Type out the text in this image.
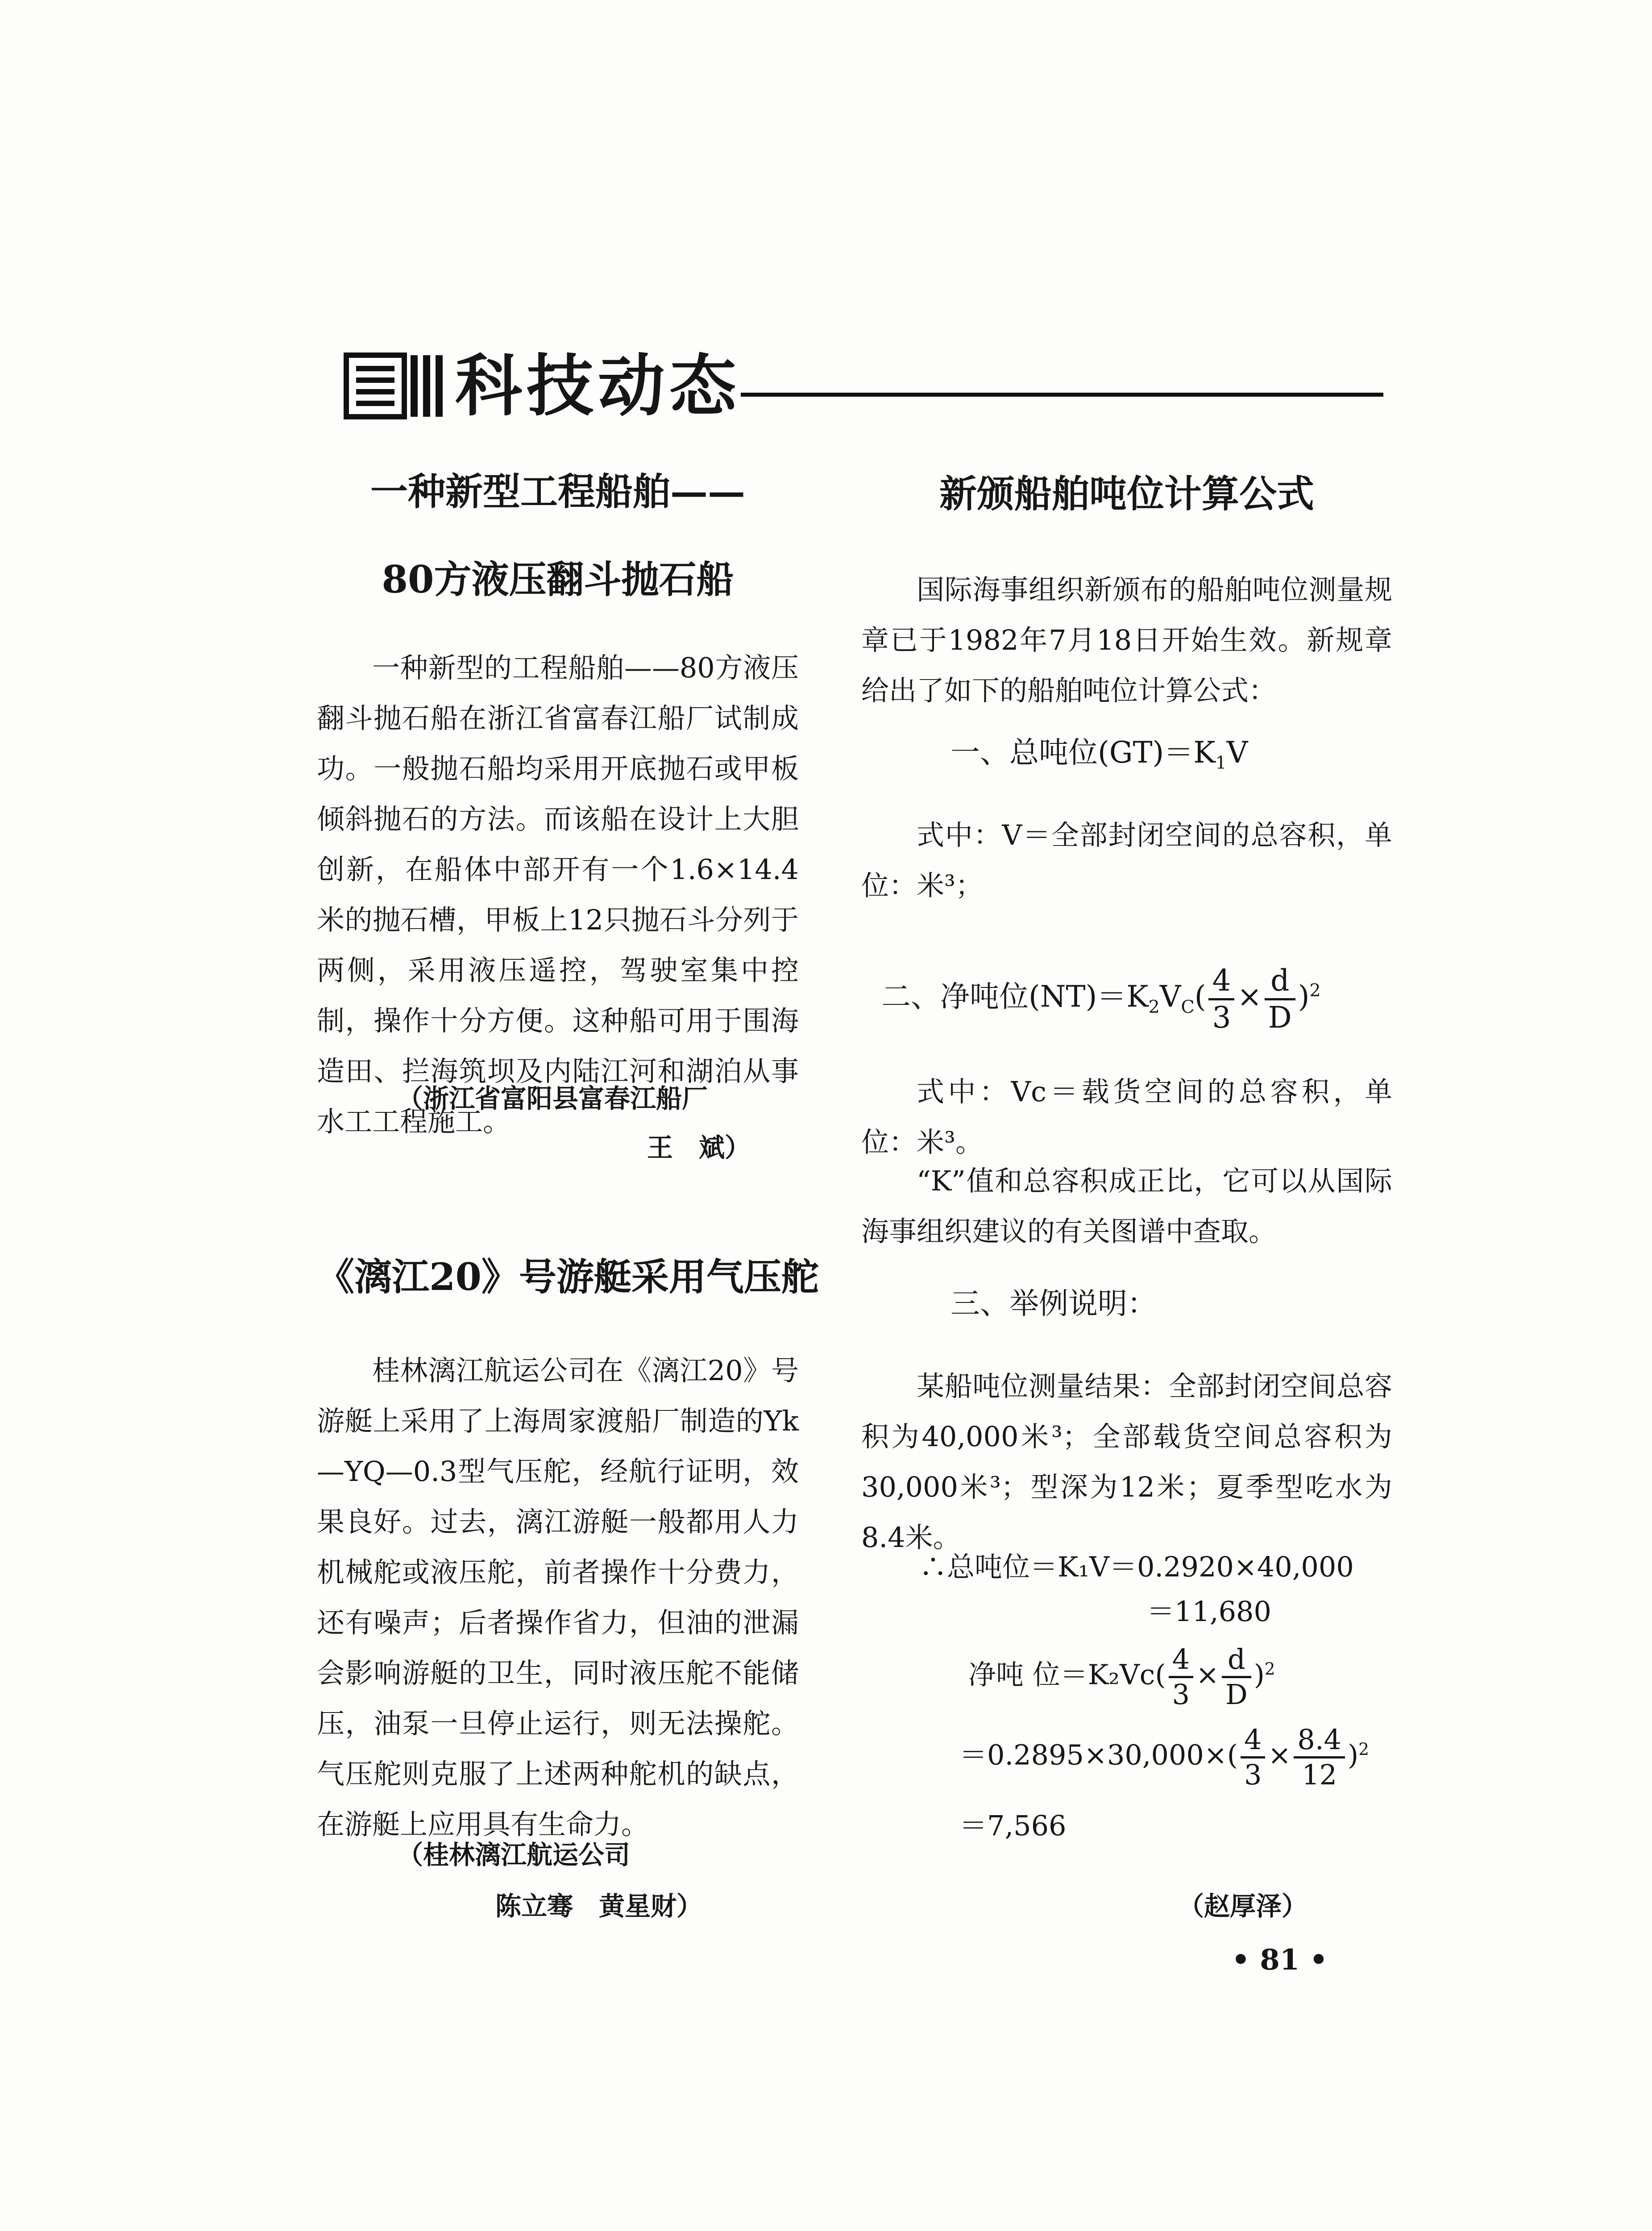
科技动态
一种新型工程船舶——
80方液压翻斗抛石船

一种新型的工程船舶——80方液压翻斗抛石船在浙江省富春江船厂试制成功。一般抛石船均采用开底抛石或甲板倾斜抛石的方法。而该船在设计上大胆创新，在船体中部开有一个1.6×14.4米的抛石槽，甲板上12只抛石斗分列于两侧，采用液压遥控，驾驶室集中控制，操作十分方便。这种船可用于围海造田、拦海筑坝及内陆江河和湖泊从事水工工程施工。

（浙江省富阳县富春江船厂
王　斌）
《漓江20》号游艇采用气压舵

桂林漓江航运公司在《漓江20》号游艇上采用了上海周家渡船厂制造的Yk—YQ—0.3型气压舵，经航行证明，效果良好。过去，漓江游艇一般都用人力机械舵或液压舵，前者操作十分费力，还有噪声；后者操作省力，但油的泄漏会影响游艇的卫生，同时液压舵不能储压，油泵一旦停止运行，则无法操舵。气压舵则克服了上述两种舵机的缺点，在游艇上应用具有生命力。

（桂林漓江航运公司
陈立骞　黄星财）
新颁船舶吨位计算公式

国际海事组织新颁布的船舶吨位测量规章已于1982年7月18日开始生效。新规章给出了如下的船舶吨位计算公式：

一、总吨位$(GT)=K_1V$

式中：V＝全部封闭空间的总容积，单位：米³；

二、净吨位$(NT)=K_2V_C( \frac{4}{3} \times \frac{d}{D} )^2$

式中：Vc＝载货空间的总容积，单位：米³。

“K”值和总容积成正比，它可以从国际海事组织建议的有关图谱中查取。

三、举例说明：

某船吨位测量结果：全部封闭空间总容积为40,000米³；全部载货空间总容积为30,000米³；型深为12米；夏季型吃水为8.4米。

∴总吨位＝K₁V＝0.2920×40,000
＝11,680
净吨 位$=K_2Vc( \frac{4}{3} \times \frac{d}{D} )^2$
$=0.2895\times 30,000\times( \frac{4}{3} \times \frac{8.4}{12} )^2$
＝7,566
（赵厚泽）
• 81 •
